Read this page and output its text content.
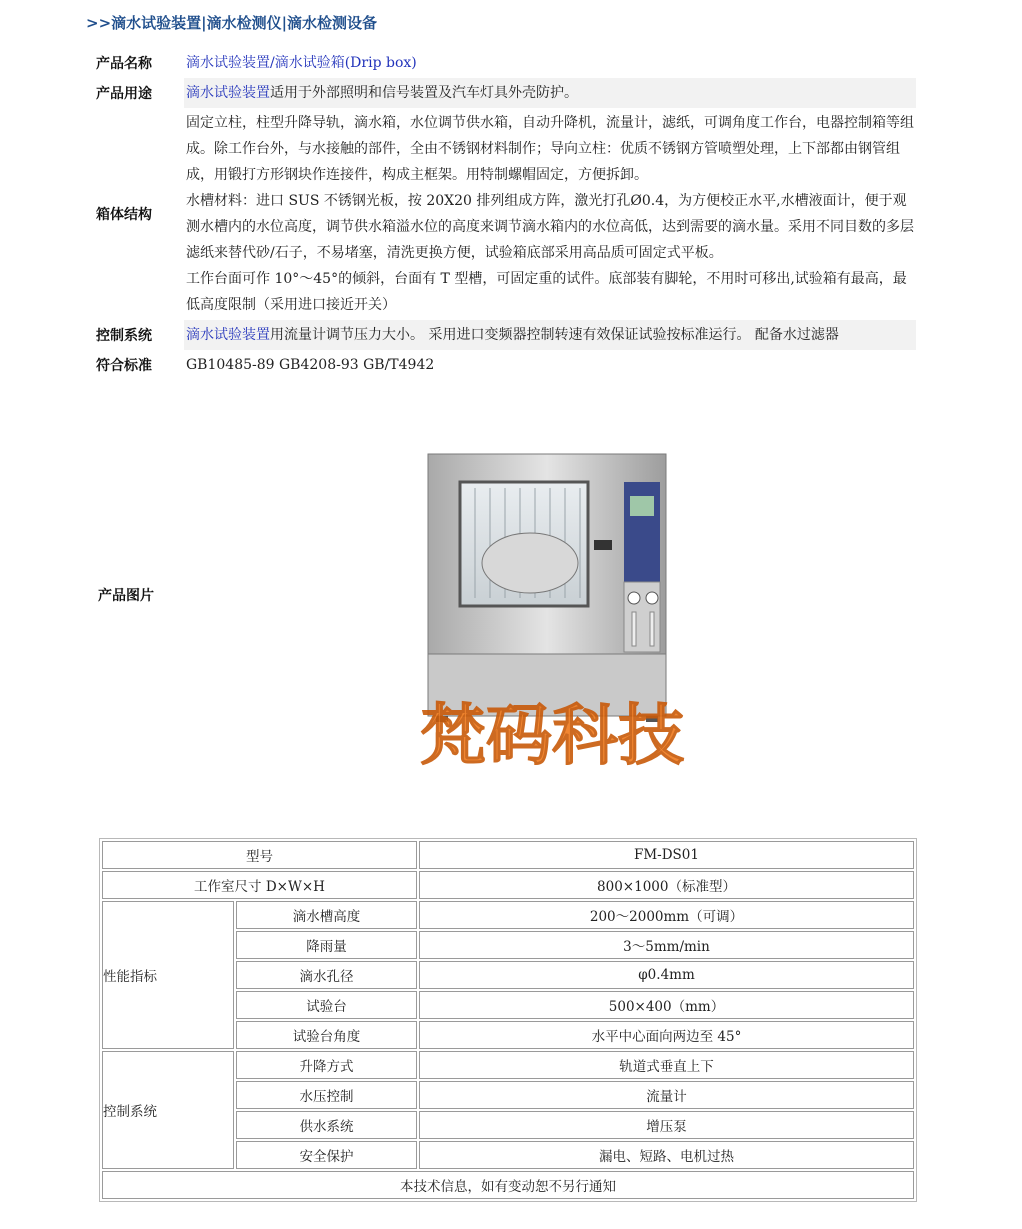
>>滴水试验装置|滴水检测仪|滴水检测设备
产品名称	滴水试验装置/滴水试验箱(Drip box)
产品用途	滴水试验装置适用于外部照明和信号装置及汽车灯具外壳防护。
箱体结构	固定立柱，柱型升降导轨，滴水箱，水位调节供水箱，自动升降机，流量计，滤纸，可调角度工作台，电器控制箱等组成。除工作台外，与水接触的部件，全由不锈钢材料制作；导向立柱：优质不锈钢方管喷塑处理，上下部都由钢管组成，用锻打方形钢块作连接件，构成主框架。用特制螺帽固定，方便拆卸。

水槽材料：进口 SUS 不锈钢光板，按 20X20 排列组成方阵，激光打孔Ø0.4，为方便校正水平,水槽液面计，便于观测水槽内的水位高度，调节供水箱溢水位的高度来调节滴水箱内的水位高低，达到需要的滴水量。采用不同目数的多层滤纸来替代砂/石子，不易堵塞，清洗更换方便，试验箱底部采用高品质可固定式平板。

工作台面可作 10°～45°的倾斜，台面有 T 型槽，可固定重的试件。底部装有脚轮，不用时可移出,试验箱有最高，最低高度限制（采用进口接近开关）

控制系统	滴水试验装置用流量计调节压力大小。 采用进口变频器控制转速有效保证试验按标准运行。 配备水过滤器
符合标准	GB10485-89 GB4208-93 GB/T4942
产品图片
梵码科技
型号		FM-DS01
工作室尺寸 D×W×H		800×1000（标准型）
性能指标	滴水槽高度	200～2000mm（可调）
	降雨量	3～5mm/min
	滴水孔径	φ0.4mm
	试验台	500×400（mm）
	试验台角度	水平中心面向两边至 45°
控制系统	升降方式	轨道式垂直上下
	水压控制	流量计
	供水系统	增压泵
	安全保护	漏电、短路、电机过热
本技术信息，如有变动恕不另行通知		
